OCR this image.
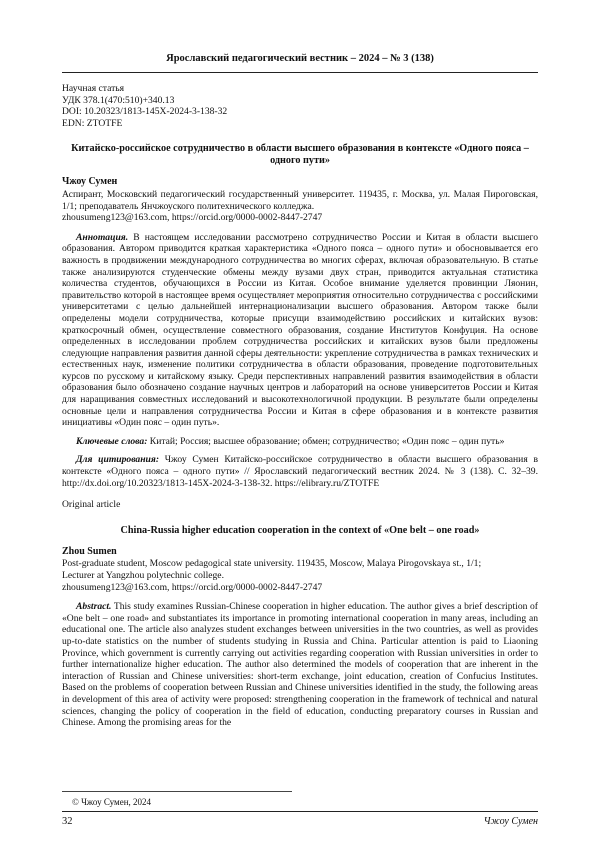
Ярославский педагогический вестник – 2024 – № 3 (138)
Научная статья
УДК 378.1(470:510)+340.13
DOI: 10.20323/1813-145X-2024-3-138-32
EDN: ZTOTFE
Китайско-российское сотрудничество в области высшего образования в контексте «Одного пояса – одного пути»
Чжоу Сумен
Аспирант, Московский педагогический государственный университет. 119435, г. Москва, ул. Малая Пироговская, 1/1; преподаватель Янчжоуского политехнического колледжа.
zhousumeng123@163.com, https://orcid.org/0000-0002-8447-2747
Аннотация. В настоящем исследовании рассмотрено сотрудничество России и Китая в области высшего образования. Автором приводится краткая характеристика «Одного пояса – одного пути» и обосновывается его важность в продвижении международного сотрудничества во многих сферах, включая образовательную. В статье также анализируются студенческие обмены между вузами двух стран, приводится актуальная статистика количества студентов, обучающихся в России из Китая. Особое внимание уделяется провинции Ляонин, правительство которой в настоящее время осуществляет мероприятия относительно сотрудничества с российскими университетами с целью дальнейшей интернационализации высшего образования. Автором также были определены модели сотрудничества, которые присущи взаимодействию российских и китайских вузов: краткосрочный обмен, осуществление совместного образования, создание Институтов Конфуция. На основе определенных в исследовании проблем сотрудничества российских и китайских вузов были предложены следующие направления развития данной сферы деятельности: укрепление сотрудничества в рамках технических и естественных наук, изменение политики сотрудничества в области образования, проведение подготовительных курсов по русскому и китайскому языку. Среди перспективных направлений развития взаимодействия в области образования было обозначено создание научных центров и лабораторий на основе университетов России и Китая для наращивания совместных исследований и высокотехнологичной продукции. В результате были определены основные цели и направления сотрудничества России и Китая в сфере образования и в контексте развития инициативы «Один пояс – один путь».
Ключевые слова: Китай; Россия; высшее образование; обмен; сотрудничество; «Один пояс – один путь»
Для цитирования: Чжоу Сумен Китайско-российское сотрудничество в области высшего образования в контексте «Одного пояса – одного пути» // Ярославский педагогический вестник 2024. № 3 (138). С. 32–39. http://dx.doi.org/10.20323/1813-145X-2024-3-138-32. https://elibrary.ru/ZTOTFE
Original article
China-Russia higher education cooperation in the context of «One belt – one road»
Zhou Sumen
Post-graduate student, Moscow pedagogical state university. 119435, Moscow, Malaya Pirogovskaya st., 1/1;
Lecturer at Yangzhou polytechnic college.
zhousumeng123@163.com, https://orcid.org/0000-0002-8447-2747
Abstract. This study examines Russian-Chinese cooperation in higher education. The author gives a brief description of «One belt – one road» and substantiates its importance in promoting international cooperation in many areas, including an educational one. The article also analyzes student exchanges between universities in the two countries, as well as provides up-to-date statistics on the number of students studying in Russia and China. Particular attention is paid to Liaoning Province, which government is currently carrying out activities regarding cooperation with Russian universities in order to further internationalize higher education. The author also determined the models of cooperation that are inherent in the interaction of Russian and Chinese universities: short-term exchange, joint education, creation of Confucius Institutes. Based on the problems of cooperation between Russian and Chinese universities identified in the study, the following areas in development of this area of activity were proposed: strengthening cooperation in the framework of technical and natural sciences, changing the policy of cooperation in the field of education, conducting preparatory courses in Russian and Chinese. Among the promising areas for the
© Чжоу Сумен, 2024
32	Чжоу Сумен
